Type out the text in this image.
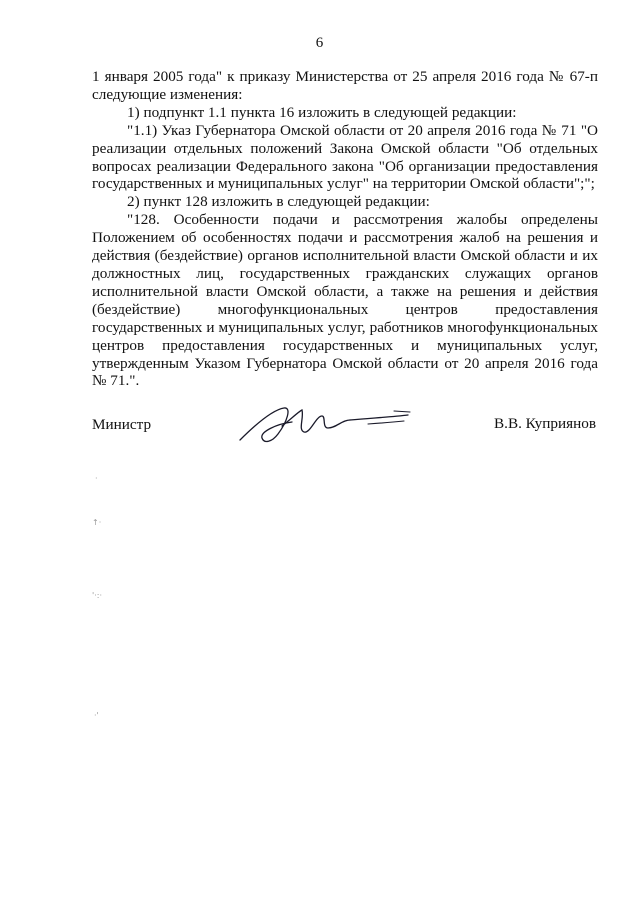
6

1 января 2005 года" к приказу Министерства от 25 апреля 2016 года № 67-п следующие изменения:

1) подпункт 1.1 пункта 16 изложить в следующей редакции:

"1.1) Указ Губернатора Омской области от 20 апреля 2016 года № 71 "О реализации отдельных положений Закона Омской области "Об отдельных вопросах реализации Федерального закона "Об организации предоставления государственных и муниципальных услуг" на территории Омской области";";

2) пункт 128 изложить в следующей редакции:

"128. Особенности подачи и рассмотрения жалобы определены Положением об особенностях подачи и рассмотрения жалоб на решения и действия (бездействие) органов исполнительной власти Омской области и их должностных лиц, государственных гражданских служащих органов исполнительной власти Омской области, а также на решения и действия (бездействие) многофункциональных центров предоставления государственных и муниципальных услуг, работников многофункциональных центров предоставления государственных и муниципальных услуг, утвержденным Указом Губернатора Омской области от 20 апреля 2016 года № 71.".

Министр	В.В. Куприянов
·
↑·
'·:·
·'
